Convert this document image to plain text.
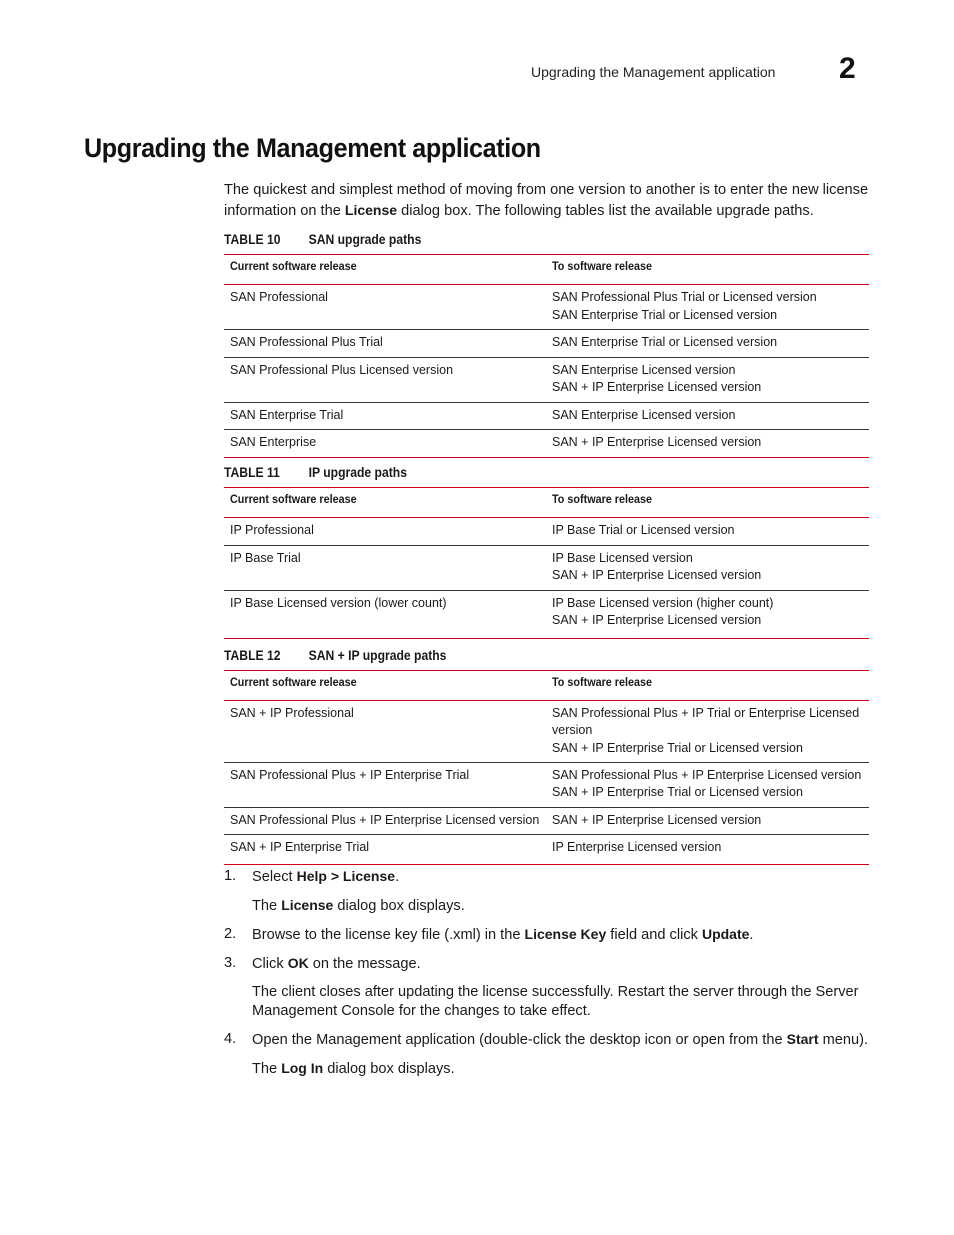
Upgrading the Management application 2
Upgrading the Management application

The quickest and simplest method of moving from one version to another is to enter the new license information on the License dialog box. The following tables list the available upgrade paths.

TABLE 10 SAN upgrade paths
Current software release	To software release
SAN Professional	SAN Professional Plus Trial or Licensed version
SAN Enterprise Trial or Licensed version

SAN Professional Plus Trial	SAN Enterprise Trial or Licensed version

SAN Professional Plus Licensed version	SAN Enterprise Licensed version
SAN + IP Enterprise Licensed version

SAN Enterprise Trial	SAN Enterprise Licensed version

SAN Enterprise	SAN + IP Enterprise Licensed version
TABLE 11 IP upgrade paths
Current software release	To software release
IP Professional	IP Base Trial or Licensed version

IP Base Trial	IP Base Licensed version
SAN + IP Enterprise Licensed version

IP Base Licensed version (lower count)	IP Base Licensed version (higher count)
SAN + IP Enterprise Licensed version
TABLE 12 SAN + IP upgrade paths
Current software release	To software release
SAN + IP Professional	SAN Professional Plus + IP Trial or Enterprise Licensed version
SAN + IP Enterprise Trial or Licensed version

SAN Professional Plus + IP Enterprise Trial	SAN Professional Plus + IP Enterprise Licensed version
SAN + IP Enterprise Trial or Licensed version

SAN Professional Plus + IP Enterprise Licensed version	SAN + IP Enterprise Licensed version

SAN + IP Enterprise Trial	IP Enterprise Licensed version
1. Select Help > License.
The License dialog box displays.
2. Browse to the license key file (.xml) in the License Key field and click Update.
3. Click OK on the message.
The client closes after updating the license successfully. Restart the server through the Server Management Console for the changes to take effect.
4. Open the Management application (double-click the desktop icon or open from the Start menu).
The Log In dialog box displays.
